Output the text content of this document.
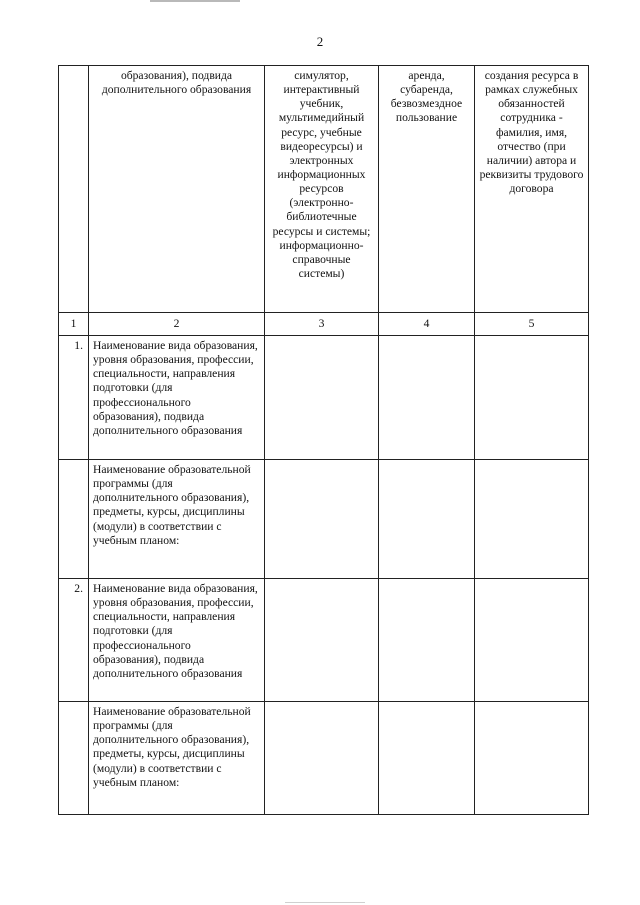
2
	образования), подвида дополнительного образования	симулятор, интерактивный учебник, мультимедийный ресурс, учебные видеоресурсы) и электронных информационных ресурсов (электронно-библиотечные ресурсы и системы; информационно-справочные системы)	аренда, субаренда, безвозмездное пользование	создания ресурса в рамках служебных обязанностей сотрудника - фамилия, имя, отчество (при наличии) автора и реквизиты трудового договора
1	2	3	4	5
1.	Наименование вида образования, уровня образования, профессии, специальности, направления подготовки (для профессионального образования), подвида дополнительного образования			
	Наименование образовательной программы (для дополнительного образования), предметы, курсы, дисциплины (модули) в соответствии с учебным планом:			
2.	Наименование вида образования, уровня образования, профессии, специальности, направления подготовки (для профессионального образования), подвида дополнительного образования			
	Наименование образовательной программы (для дополнительного образования), предметы, курсы, дисциплины (модули) в соответствии с учебным планом:			
